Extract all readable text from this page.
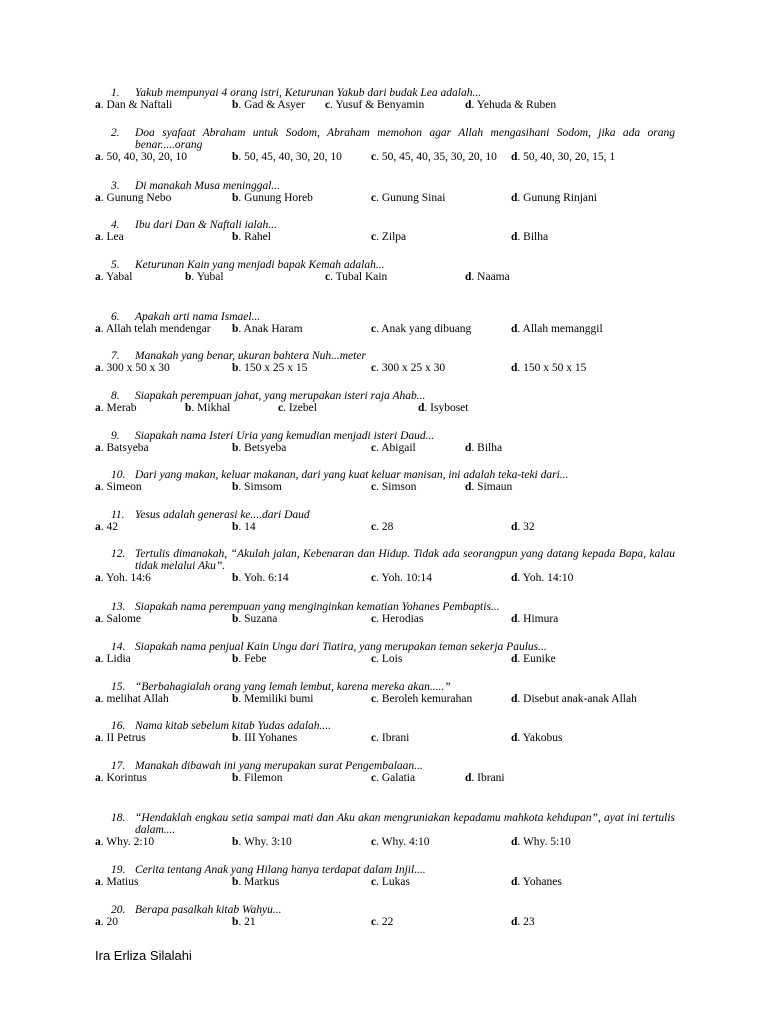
1. Yakub mempunyai 4 orang istri, Keturunan Yakub dari budak Lea adalah...
a. Dan & Naftali	b. Gad & Asyer c. Yusuf & Benyamin	d. Yehuda & Ruben
2. Doa syafaat Abraham untuk Sodom, Abraham memohon agar Allah mengasihani Sodom, jika ada orang benar.....orang
a. 50, 40, 30, 20, 10	b. 50, 45, 40, 30, 20, 10	c. 50, 45, 40, 35, 30, 20, 10 d. 50, 40, 30, 20, 15, 1
3. Di manakah Musa meninggal...
a. Gunung Nebo	b. Gunung Horeb	c. Gunung Sinai	d. Gunung Rinjani
4. Ibu dari Dan & Naftali ialah...
a. Lea	b. Rahel	c. Zilpa	d. Bilha
5. Keturunan Kain yang menjadi bapak Kemah adalah...
a. Yabal	b. Yubal	c. Tubal Kain	d. Naama
6. Apakah arti nama Ismael...
a. Allah telah mendengar b. Anak Haram	c. Anak yang dibuang	d. Allah memanggil
7. Manakah yang benar, ukuran bahtera Nuh...meter
a. 300 x 50 x 30	b. 150 x 25 x 15	c. 300 x 25 x 30	d. 150 x 50 x 15
8. Siapakah perempuan jahat, yang merupakan isteri raja Ahab...
a. Merab	b. Mikhal	c. Izebel	d. Isyboset
9. Siapakah nama Isteri Uria yang kemudian menjadi isteri Daud...
a. Batsyeba	b. Betsyeba	c. Abigail	d. Bilha
10. Dari yang makan, keluar makanan, dari yang kuat keluar manisan, ini adalah teka-teki dari...
a. Simeon	b. Simsom	c. Simson	d. Simaun
11. Yesus adalah generasi ke....dari Daud
a. 42	b. 14	c. 28	d. 32
12. Tertulis dimanakah, “Akulah jalan, Kebenaran dan Hidup. Tidak ada seorangpun yang datang kepada Bapa, kalau tidak melalui Aku”.
a. Yoh. 14:6	b. Yoh. 6:14	c. Yoh. 10:14	d. Yoh. 14:10
13. Siapakah nama perempuan yang menginginkan kematian Yohanes Pembaptis...
a. Salome	b. Suzana	c. Herodias	d. Himura
14. Siapakah nama penjual Kain Ungu dari Tiatira, yang merupakan teman sekerja Paulus...
a. Lidia	b. Febe	c. Lois	d. Eunike
15. “Berbahagialah orang yang lemah lembut, karena mereka akan.....”
a. melihat Allah	b. Memiliki bumi	c. Beroleh kemurahan	d. Disebut anak-anak Allah
16. Nama kitab sebelum kitab Yudas adalah....
a. II Petrus	b. III Yohanes	c. Ibrani	d. Yakobus
17. Manakah dibawah ini yang merupakan surat Pengembalaan...
a. Korintus	b. Filemon	c. Galatia	d. Ibrani
18. “Hendaklah engkau setia sampai mati dan Aku akan mengruniakan kepadamu mahkota kehdupan”, ayat ini tertulis dalam....
a. Why. 2:10	b. Why. 3:10	c. Why. 4:10	d. Why. 5:10
19. Cerita tentang Anak yang Hilang hanya terdapat dalam Injil....
a. Matius	b. Markus	c. Lukas	d. Yohanes
20. Berapa pasalkah kitab Wahyu...
a. 20	b. 21	c. 22	d. 23
Ira Erliza Silalahi
